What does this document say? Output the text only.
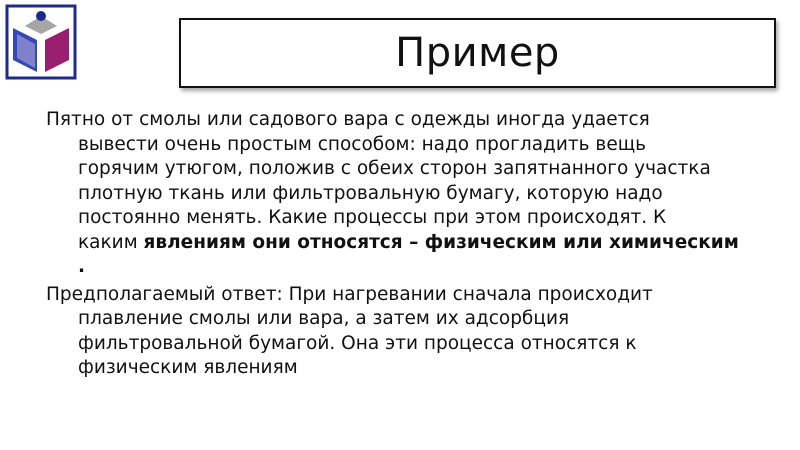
Пример

Пятно от смолы или садового вара с одежды иногда удается
вывести очень простым способом: надо прогладить вещь
горячим утюгом, положив с обеих сторон запятнанного участка
плотную ткань или фильтровальную бумагу, которую надо
постоянно менять. Какие процессы при этом происходят. К
каким явлениям они относятся – физическим или химическим
.

Предполагаемый ответ: При нагревании сначала происходит
плавление смолы или вара, а затем их адсорбция
фильтровальной бумагой. Она эти процесса относятся к
физическим явлениям
